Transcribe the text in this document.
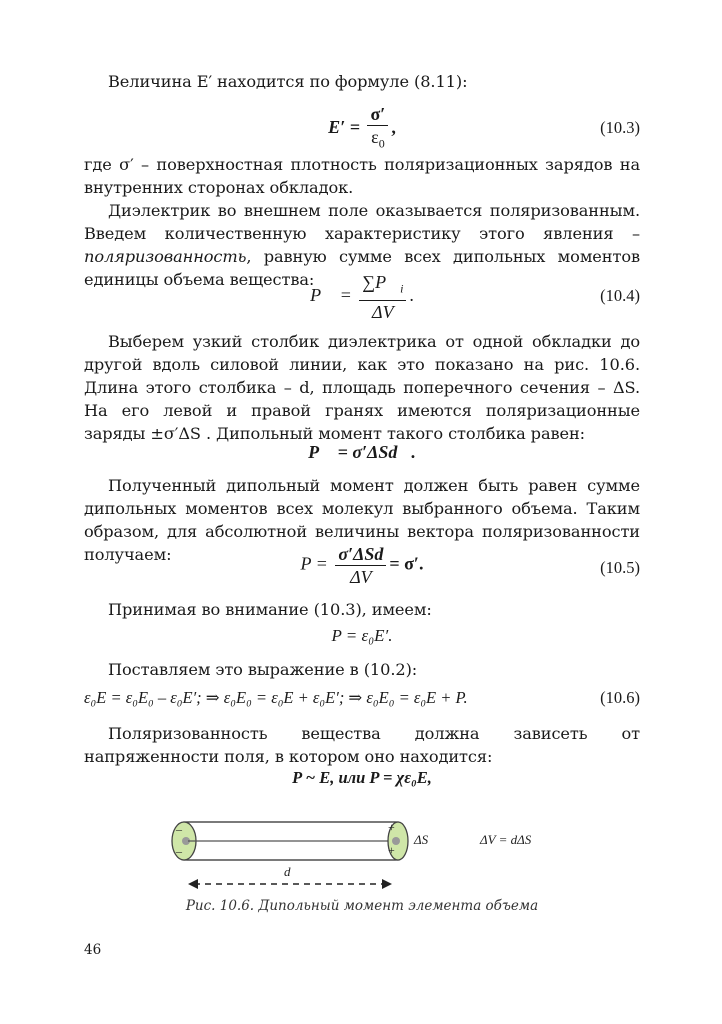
Величина E′ находится по формуле (8.11):

$E' = \frac{\sigma'}{\varepsilon_0}$ ,	(10.3)

где σ′ – поверхностная плотность поляризационных зарядов на внутренних сторонах обкладок.

Диэлектрик во внешнем поле оказывается поляризованным. Введем количественную характеристику этого явления – поляризованность, равную сумме всех дипольных моментов единицы объема вещества:

P⃗ = $\frac{\sum P⃗_i}{\Delta V}$ .	(10.4)

Выберем узкий столбик диэлектрика от одной обкладки до другой вдоль силовой линии, как это показано на рис. 10.6. Длина этого столбика – d, площадь поперечного сечения – ΔS. На его левой и правой гранях имеются поляризационные заряды ±σ′ΔS . Дипольный момент такого столбика равен:

P⃗ = σ′ΔSd⃗.

Полученный дипольный момент должен быть равен сумме дипольных моментов всех молекул выбранного объема. Таким образом, для абсолютной величины вектора поляризованности получаем:	$P = \frac{\text{σ′ΔSd}}{\Delta V} = \sigma'$.	(10.5)

Принимая во внимание (10.3), имеем:

P = ε₀E′.

Поставляем это выражение в (10.2):

ε₀E = ε₀E₀ – ε₀E′; ⇒ ε₀E₀ = ε₀E + ε₀E′; ⇒ ε₀E₀ = ε₀E + P.	(10.6)

Поляризованность вещества должна зависеть от напряженности поля, в котором оно находится:

P ~ E, или P = χε₀E,
–
–
+
+
ΔS	ΔV = dΔS
d
Рис. 10.6. Дипольный момент элемента объема
46
